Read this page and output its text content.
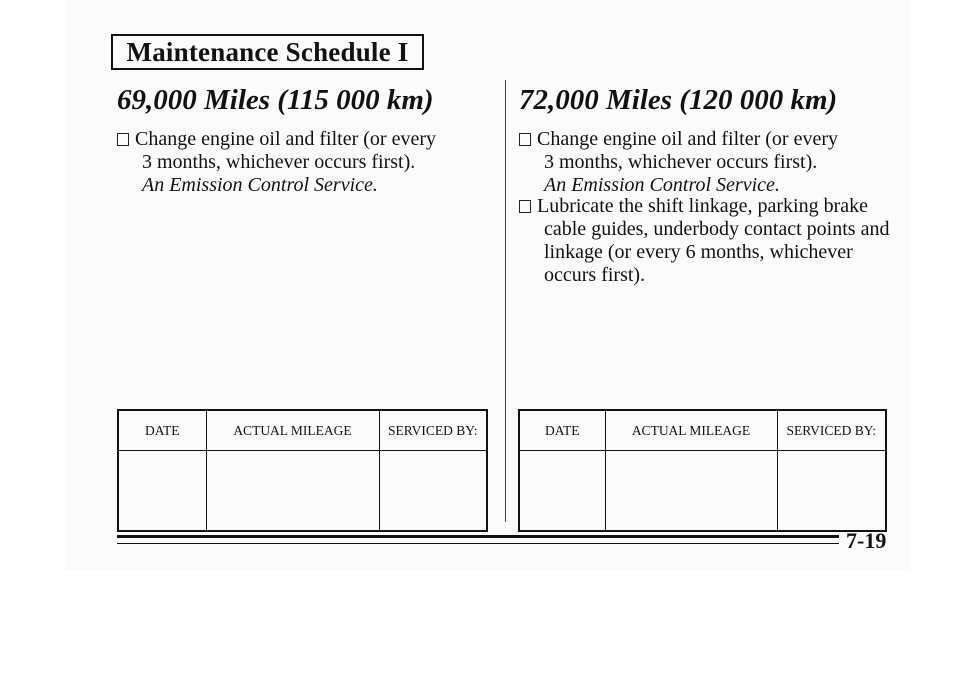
Maintenance Schedule I
69,000 Miles (115 000 km)
Change engine oil and filter (or every
3 months, whichever occurs first).
An Emission Control Service.
DATE	ACTUAL MILEAGE	SERVICED BY:

72,000 Miles (120 000 km)
Change engine oil and filter (or every
3 months, whichever occurs first).
An Emission Control Service.
Lubricate the shift linkage, parking brake
cable guides, underbody contact points and
linkage (or every 6 months, whichever
occurs first).
DATE	ACTUAL MILEAGE	SERVICED BY:

7-19
